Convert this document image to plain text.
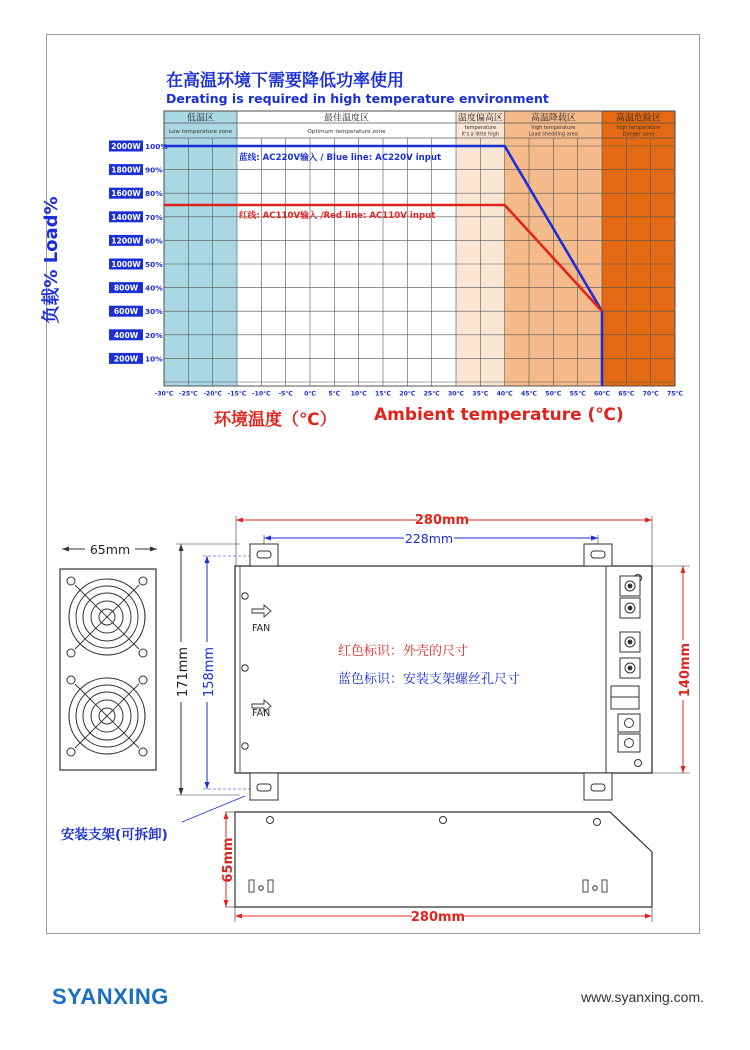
在高温环境下需要降低功率使用
Derating is required in high temperature environment
低温区
Low temperature zone
最佳温度区
Optimum temperature zone
温度偏高区
temperature
It's a little high
高温降载区
high temperature
Load shedding area
高温危险区
high temperature
Danger zone
2000W 100%
1800W 90%
1600W 80%
1400W 70%
1200W 60%
1000W 50%
800W 40%
600W 30%
400W 20%
200W 10%
-30℃ -25℃ -20℃ -15℃ -10℃ -5℃ 0℃ 5℃ 10℃ 15℃ 20℃ 25℃ 30℃ 35℃ 40℃ 45℃ 50℃ 55℃ 60℃ 65℃ 70℃ 75℃
蓝线: AC220V输入 / Blue line: AC220V input
红线: AC110V输入 /Red line: AC110V input
负载% Load%
环境温度（℃） Ambient temperature (℃)
280mm
228mm
65mm
171mm 158mm
FAN
FAN
140mm
65mm
280mm
红色标识：外壳的尺寸
蓝色标识：安装支架螺丝孔尺寸
安装支架(可拆卸)
SYANXING	www.syanxing.com.
